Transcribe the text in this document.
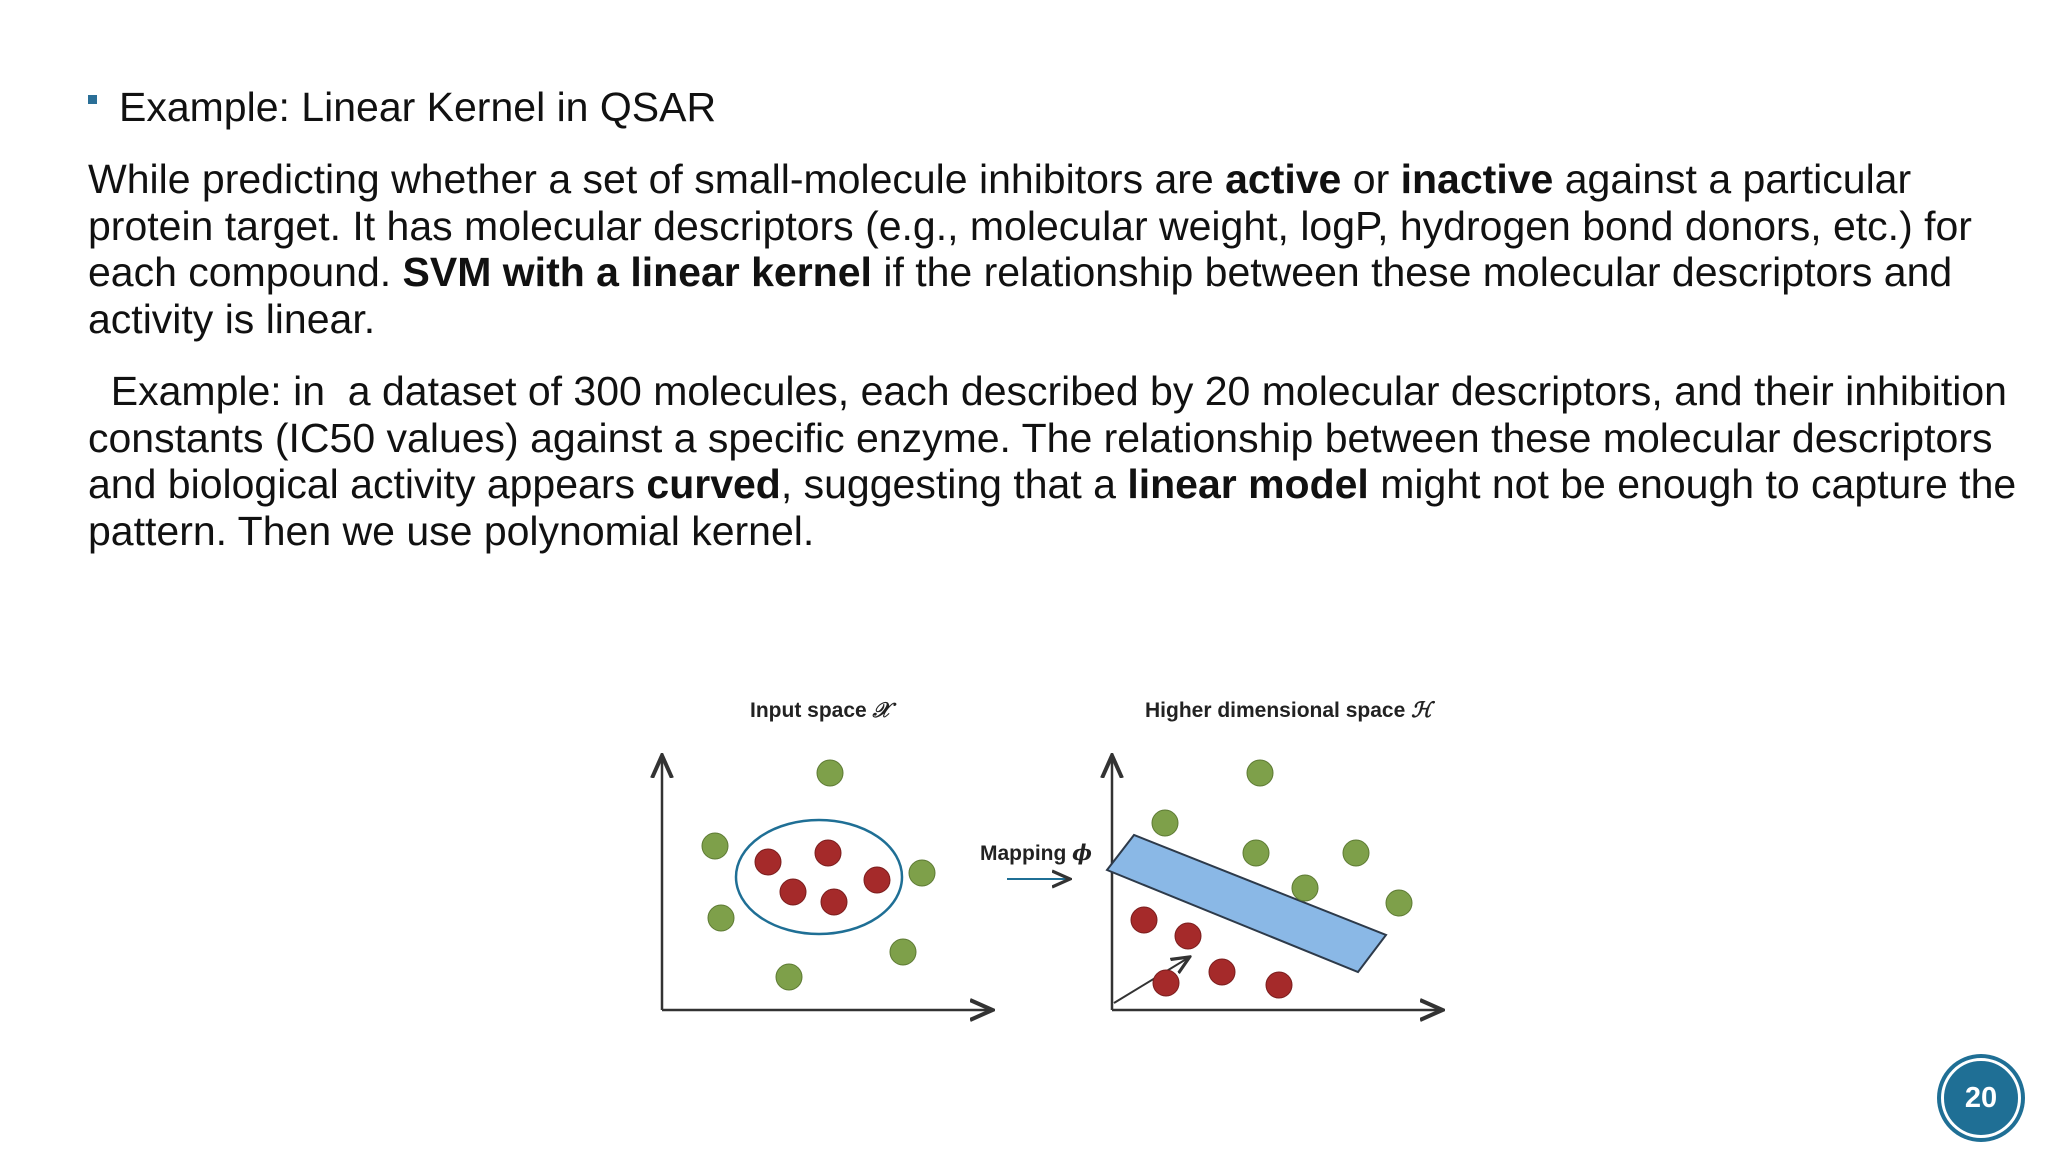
Example: Linear Kernel in QSAR

While predicting whether a set of small-molecule inhibitors are active or inactive against a particular protein target. It has molecular descriptors (e.g., molecular weight, logP, hydrogen bond donors, etc.) for each compound. SVM with a linear kernel if the relationship between these molecular descriptors and activity is linear.

Example: in  a dataset of 300 molecules, each described by 20 molecular descriptors, and their inhibition constants (IC50 values) against a specific enzyme. The relationship between these molecular descriptors and biological activity appears curved, suggesting that a linear model might not be enough to capture the pattern. Then we use polynomial kernel.

Input space 𝒳	Higher dimensional space ℋ
Mapping ϕ
20
